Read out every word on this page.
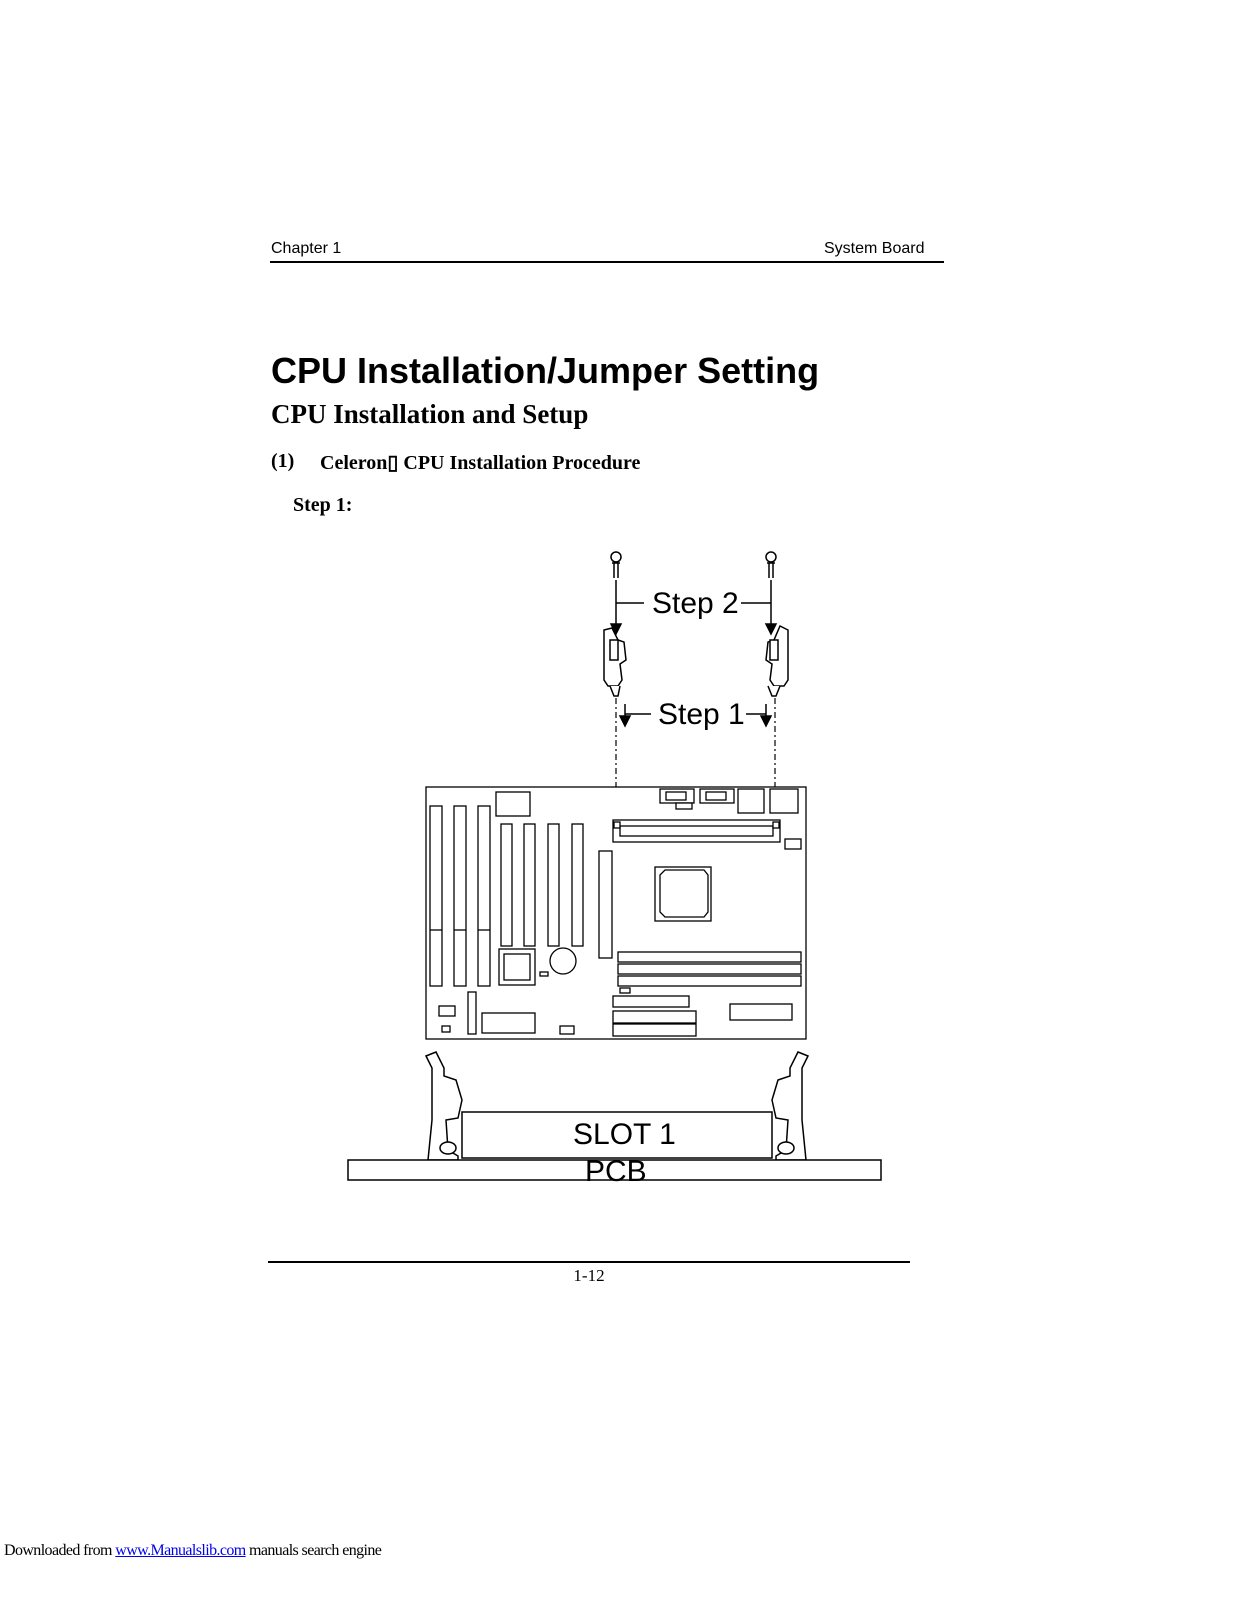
Chapter 1	System Board
CPU Installation/Jumper Setting
CPU Installation and Setup
(1) Celeron▯ CPU Installation Procedure
Step 1:
Step 2
Step 1
SLOT 1
PCB
1-12
Downloaded from www.Manualslib.com manuals search engine
